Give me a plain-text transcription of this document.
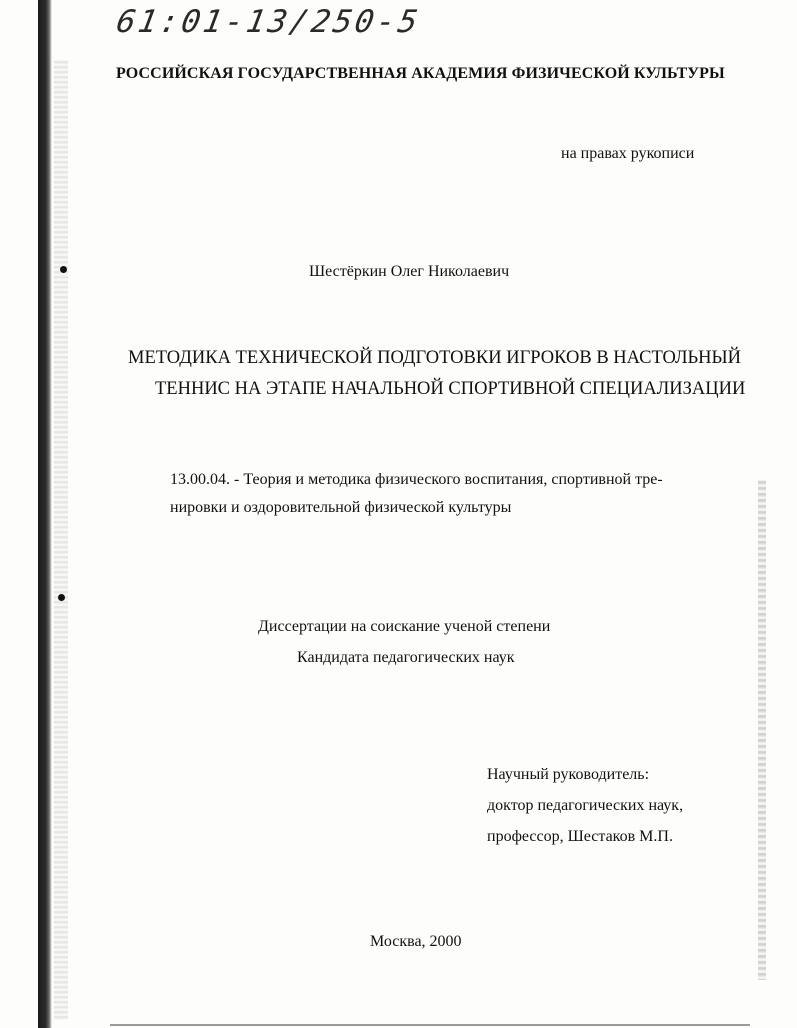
61:01-13/250-5
РОССИЙСКАЯ ГОСУДАРСТВЕННАЯ АКАДЕМИЯ ФИЗИЧЕСКОЙ КУЛЬТУРЫ
на правах рукописи
Шестёркин Олег Николаевич
МЕТОДИКА ТЕХНИЧЕСКОЙ ПОДГОТОВКИ ИГРОКОВ В НАСТОЛЬНЫЙ
ТЕННИС НА ЭТАПЕ НАЧАЛЬНОЙ СПОРТИВНОЙ СПЕЦИАЛИЗАЦИИ
13.00.04. - Теория и методика физического воспитания, спортивной тре-
нировки и оздоровительной физической культуры
Диссертации на соискание ученой степени
Кандидата педагогических наук
Научный руководитель:
доктор педагогических наук,
профессор, Шестаков М.П.
Москва, 2000
